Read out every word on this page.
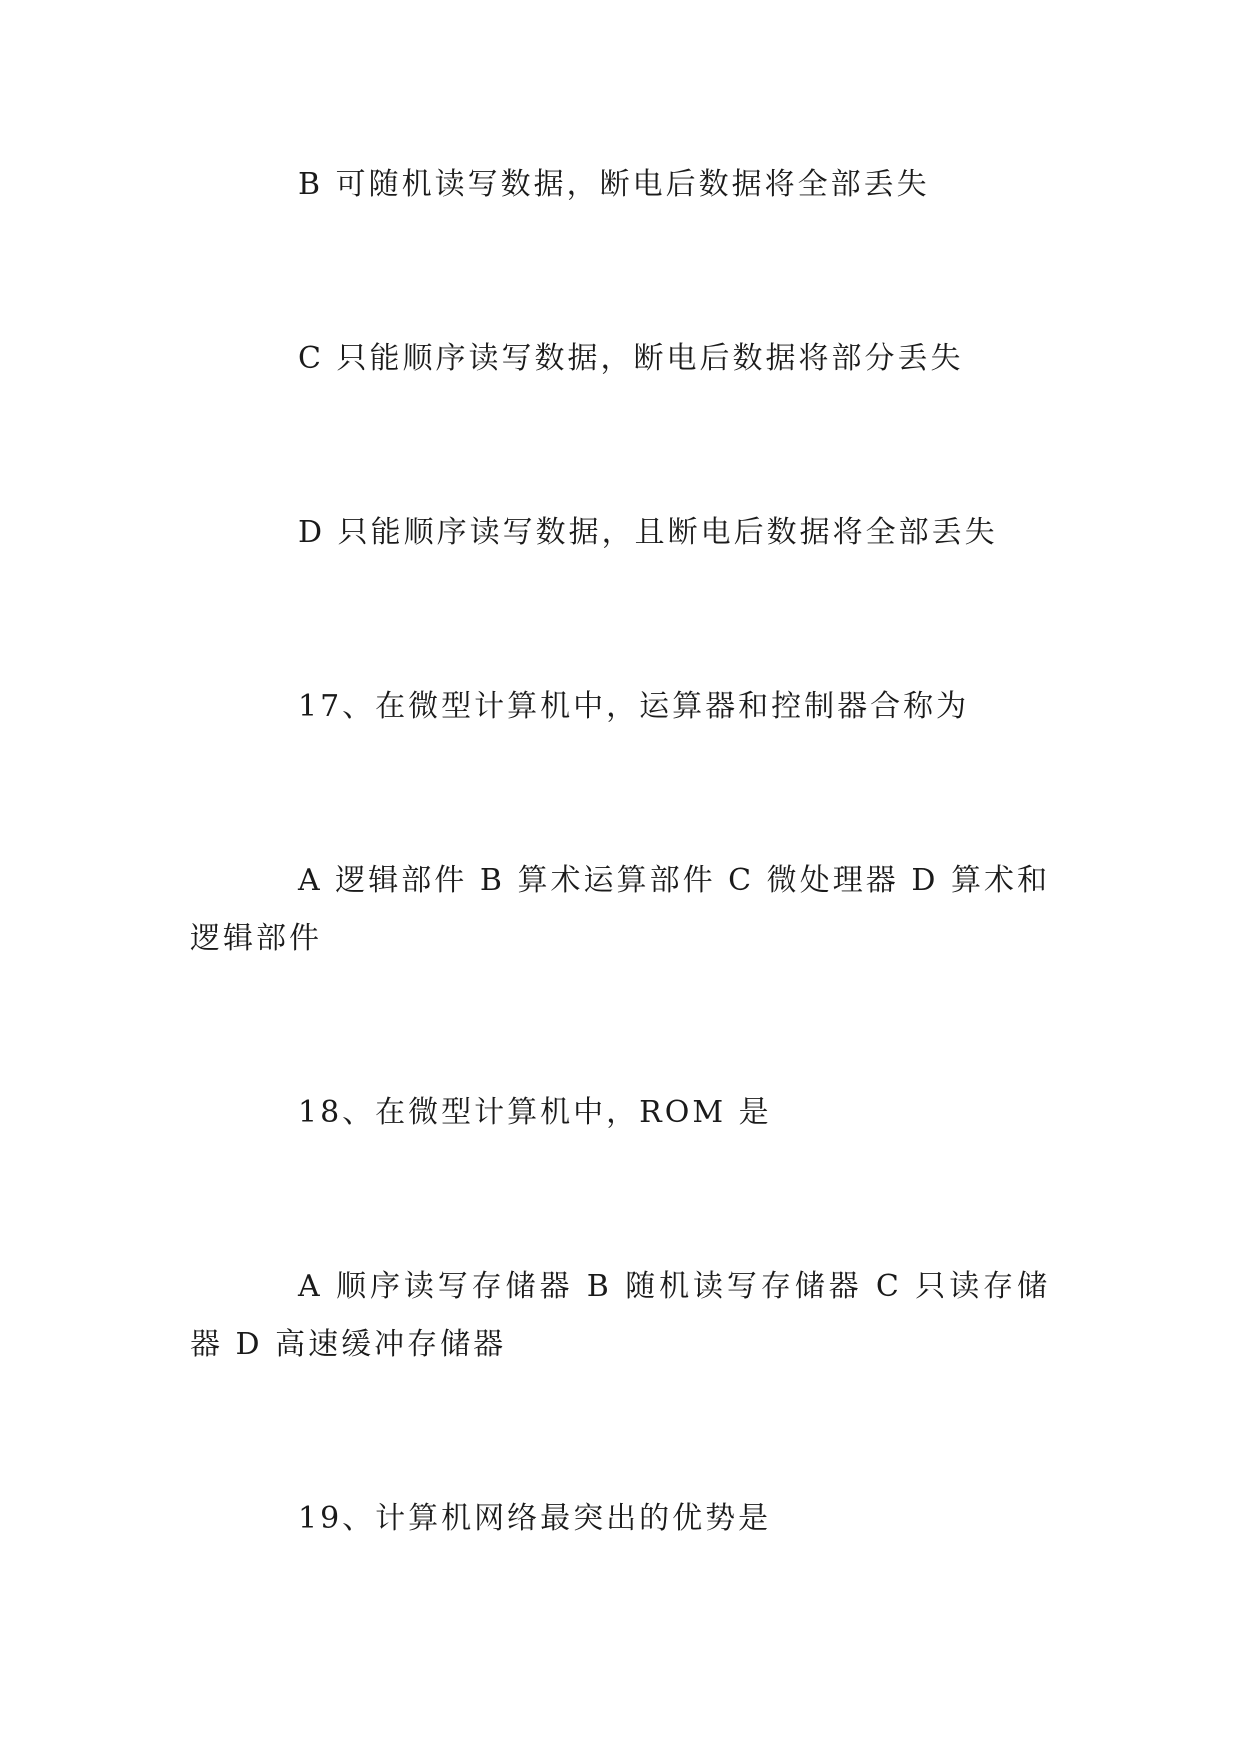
B 可随机读写数据，断电后数据将全部丢失

C 只能顺序读写数据，断电后数据将部分丢失

D 只能顺序读写数据，且断电后数据将全部丢失

17、在微型计算机中，运算器和控制器合称为

A 逻辑部件 B 算术运算部件 C 微处理器 D 算术和逻辑部件

18、在微型计算机中，ROM 是

A 顺序读写存储器 B 随机读写存储器 C 只读存储器 D 高速缓冲存储器

19、计算机网络最突出的优势是
